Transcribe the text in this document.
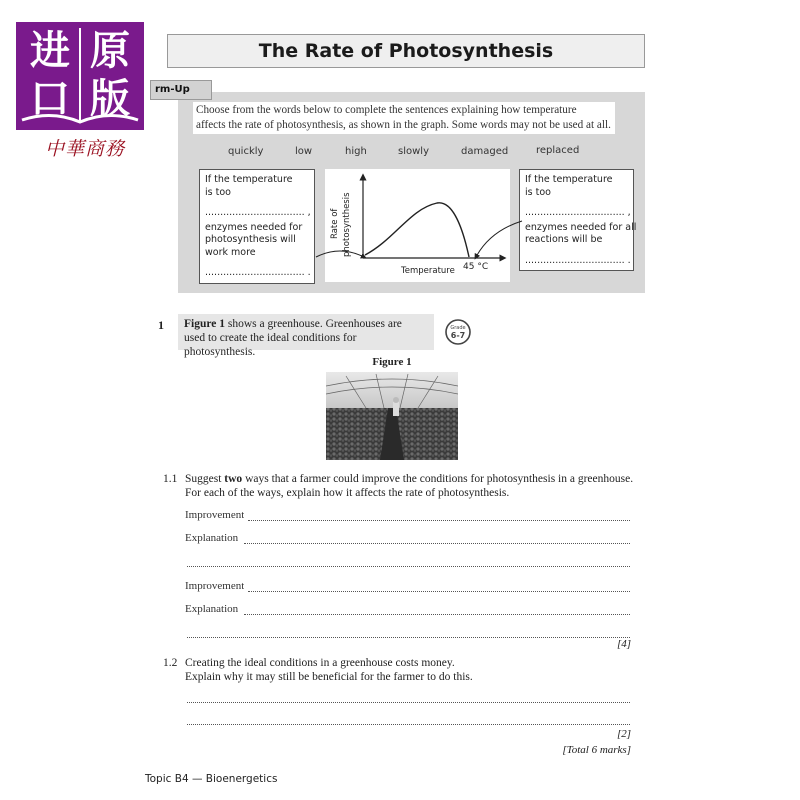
进 原
口 版
中華商務
The Rate of Photosynthesis
rm-Up
Choose from the words below to complete the sentences explaining how temperature
affects the rate of photosynthesis, as shown in the graph. Some words may not be used at all.
quickly	low	high	slowly	damaged	replaced
If the temperature
is too
................................. ,
enzymes needed for
photosynthesis will
work more
................................. .
If the temperature
is too
................................. ,
enzymes needed for all
reactions will be
................................. .
Rate of photosynthesis
Temperature 45 °C
1 Figure 1 shows a greenhouse. Greenhouses are
used to create the ideal conditions for photosynthesis.
Grade
6-7
Figure 1
1.1 Suggest two ways that a farmer could improve the conditions for photosynthesis in a greenhouse.
For each of the ways, explain how it affects the rate of photosynthesis.
Improvement
Explanation
Improvement
Explanation
[4]
1.2 Creating the ideal conditions in a greenhouse costs money.
Explain why it may still be beneficial for the farmer to do this.
[2]
[Total 6 marks]
Topic B4 — Bioenergetics
